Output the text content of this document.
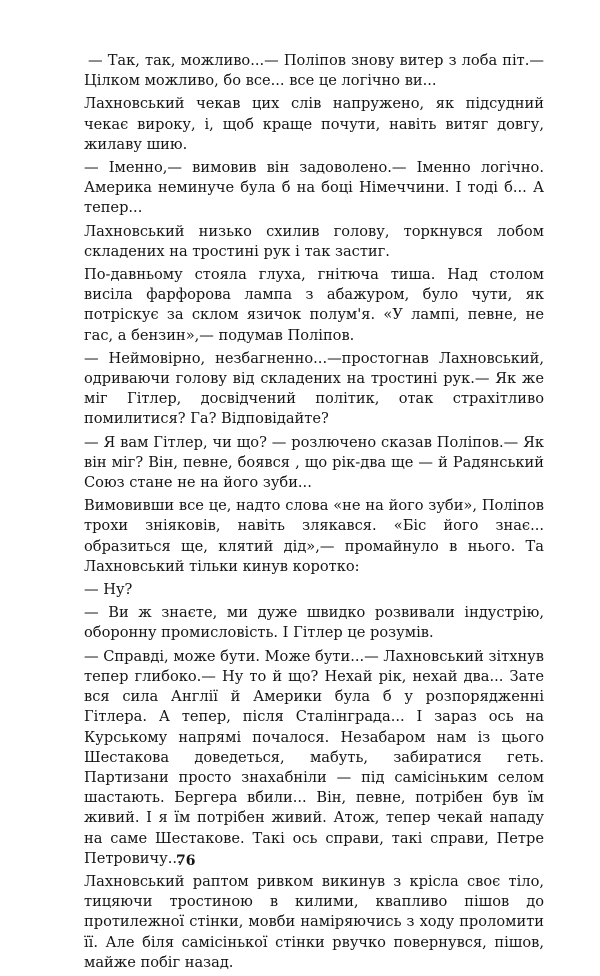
— Так, так, можливо...— Поліпов знову витер з лоба піт.— Цілком можливо, бо все... все це логічно ви...

Лахновський чекав цих слів напружено, як підсудний чекає вироку, і, щоб краще почути, навіть витяг довгу, жилаву шию.

— Іменно,— вимовив він задоволено.— Іменно логічно. Америка неминуче була б на боці Німеччини. І тоді б... А тепер...

Лахновський низько схилив голову, торкнувся лобом складених на тростині рук і так застиг.

По-давньому стояла глуха, гнітюча тиша. Над столом висіла фарфорова лампа з абажуром, було чути, як потріскує за склом язичок полум'я. «У лампі, певне, не гас, а бензин»,— подумав Поліпов.

— Неймовірно, незбагненно...—простогнав Лахновський, одриваючи голову від складених на тростині рук.— Як же міг Гітлер, досвідчений політик, отак страхітливо помилитися? Га? Відповідайте?

— Я вам Гітлер, чи що? — розлючено сказав Поліпов.— Як він міг? Він, певне, боявся , що рік-два ще — й Радянський Союз стане не на його зуби...

Вимовивши все це, надто слова «не на його зуби», Поліпов трохи зніяковів, навіть злякався. «Біс його знає... образиться ще, клятий дід»,— промайнуло в нього. Та Лахновський тільки кинув коротко:

— Ну?

— Ви ж знаєте, ми дуже швидко розвивали індустрію, оборонну промисловість. І Гітлер це розумів.

— Справді, може бути. Може бути...— Лахновський зітхнув тепер глибоко.— Ну то й що? Нехай рік, нехай два... Зате вся сила Англії й Америки була б у розпорядженні Гітлера. А тепер, після Сталінграда... І зараз ось на Курському напрямі почалося. Незабаром нам із цього Шестакова доведеться, мабуть, забиратися геть. Партизани просто знахабніли — під самісіньким селом шастають. Бергера вбили... Він, певне, потрібен був їм живий. І я їм потрібен живий. Атож, тепер чекай нападу на саме Шестакове. Такі ось справи, такі справи, Петре Петровичу...

Лахновський раптом ривком викинув з крісла своє тіло, тицяючи тростиною в килими, квапливо пішов до протилежної стінки, мовби наміряючись з ходу проломити її. Але біля самісінької стінки рвучко повернувся, пішов, майже побіг назад.

76
